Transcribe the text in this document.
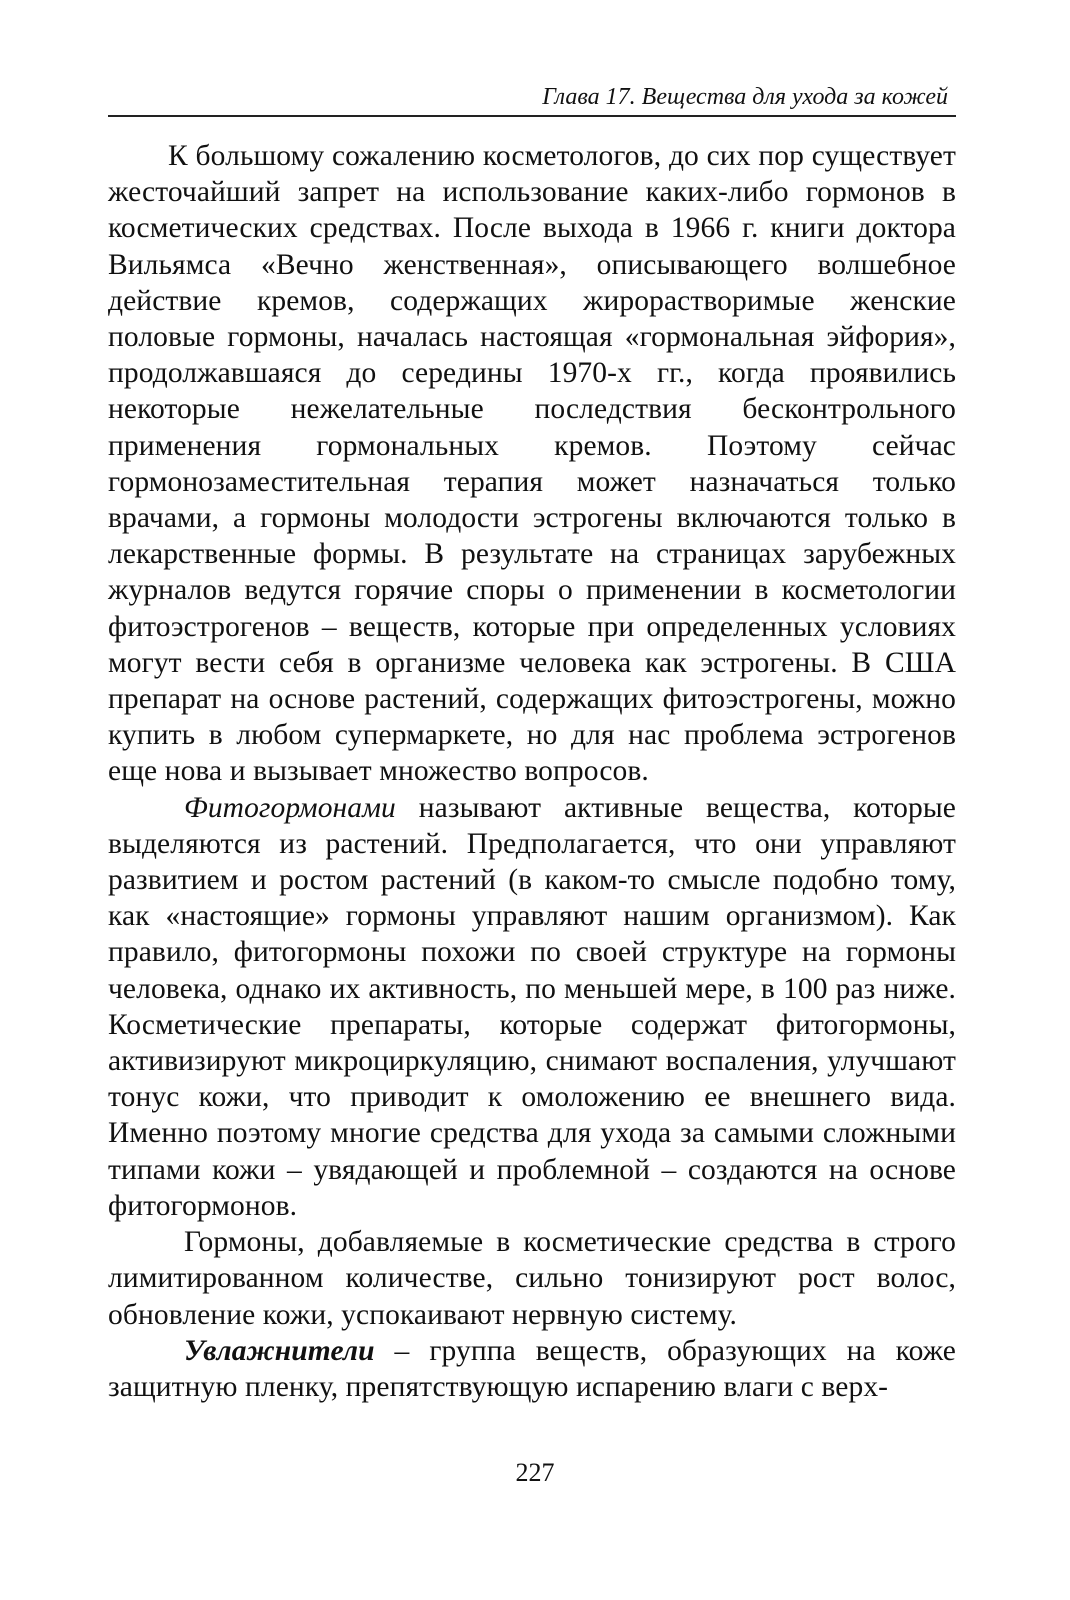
Глава 17. Вещества для ухода за кожей

К большому сожалению косметологов, до сих пор существует жесточайший запрет на использование каких-либо гормонов в косметических средствах. После выхода в 1966 г. книги доктора Вильямса «Вечно женственная», описывающего волшебное действие кремов, содержащих жирорастворимые женские половые гормоны, началась настоящая «гормональная эйфория», продолжавшаяся до середины 1970-х гг., когда проявились некоторые нежелательные последствия бесконтрольного применения гормональных кремов. Поэтому сейчас гормонозаместительная терапия может назначаться только врачами, а гормоны молодости эстрогены включаются только в лекарственные формы. В результате на страницах зарубежных журналов ведутся горячие споры о применении в косметологии фитоэстрогенов – веществ, которые при определенных условиях могут вести себя в организме человека как эстрогены. В США препарат на основе растений, содержащих фитоэстрогены, можно купить в любом супермаркете, но для нас проблема эстрогенов еще нова и вызывает множество вопросов.

Фитогормонами называют активные вещества, которые выделяются из растений. Предполагается, что они управляют развитием и ростом растений (в каком-то смысле подобно тому, как «настоящие» гормоны управляют нашим организмом). Как правило, фитогормоны похожи по своей структуре на гормоны человека, однако их активность, по меньшей мере, в 100 раз ниже. Косметические препараты, которые содержат фитогормоны, активизируют микроциркуляцию, снимают воспаления, улучшают тонус кожи, что приводит к омоложению ее внешнего вида. Именно поэтому многие средства для ухода за самыми сложными типами кожи – увядающей и проблемной – создаются на основе фитогормонов.

Гормоны, добавляемые в косметические средства в строго лимитированном количестве, сильно тонизируют рост волос, обновление кожи, успокаивают нервную систему.

Увлажнители – группа веществ, образующих на коже защитную пленку, препятствующую испарению влаги с верх-

227
